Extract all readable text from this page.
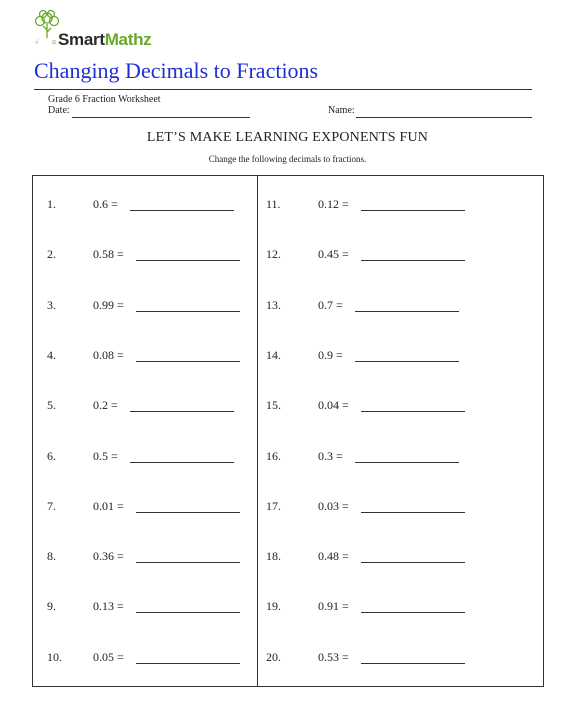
√ π SmartMathz
Changing Decimals to Fractions
Grade 6 Fraction Worksheet
Date:	Name:
LET’S MAKE LEARNING EXPONENTS FUN
Change the following decimals to fractions.
1.	0.6 =
2.	0.58 =
3.	0.99 =
4.	0.08 =
5.	0.2 =
6.	0.5 =
7.	0.01 =
8.	0.36 =
9.	0.13 =
10.	0.05 =
11.	0.12 =
12.	0.45 =
13.	0.7 =
14.	0.9 =
15.	0.04 =
16.	0.3 =
17.	0.03 =
18.	0.48 =
19.	0.91 =
20.	0.53 =
